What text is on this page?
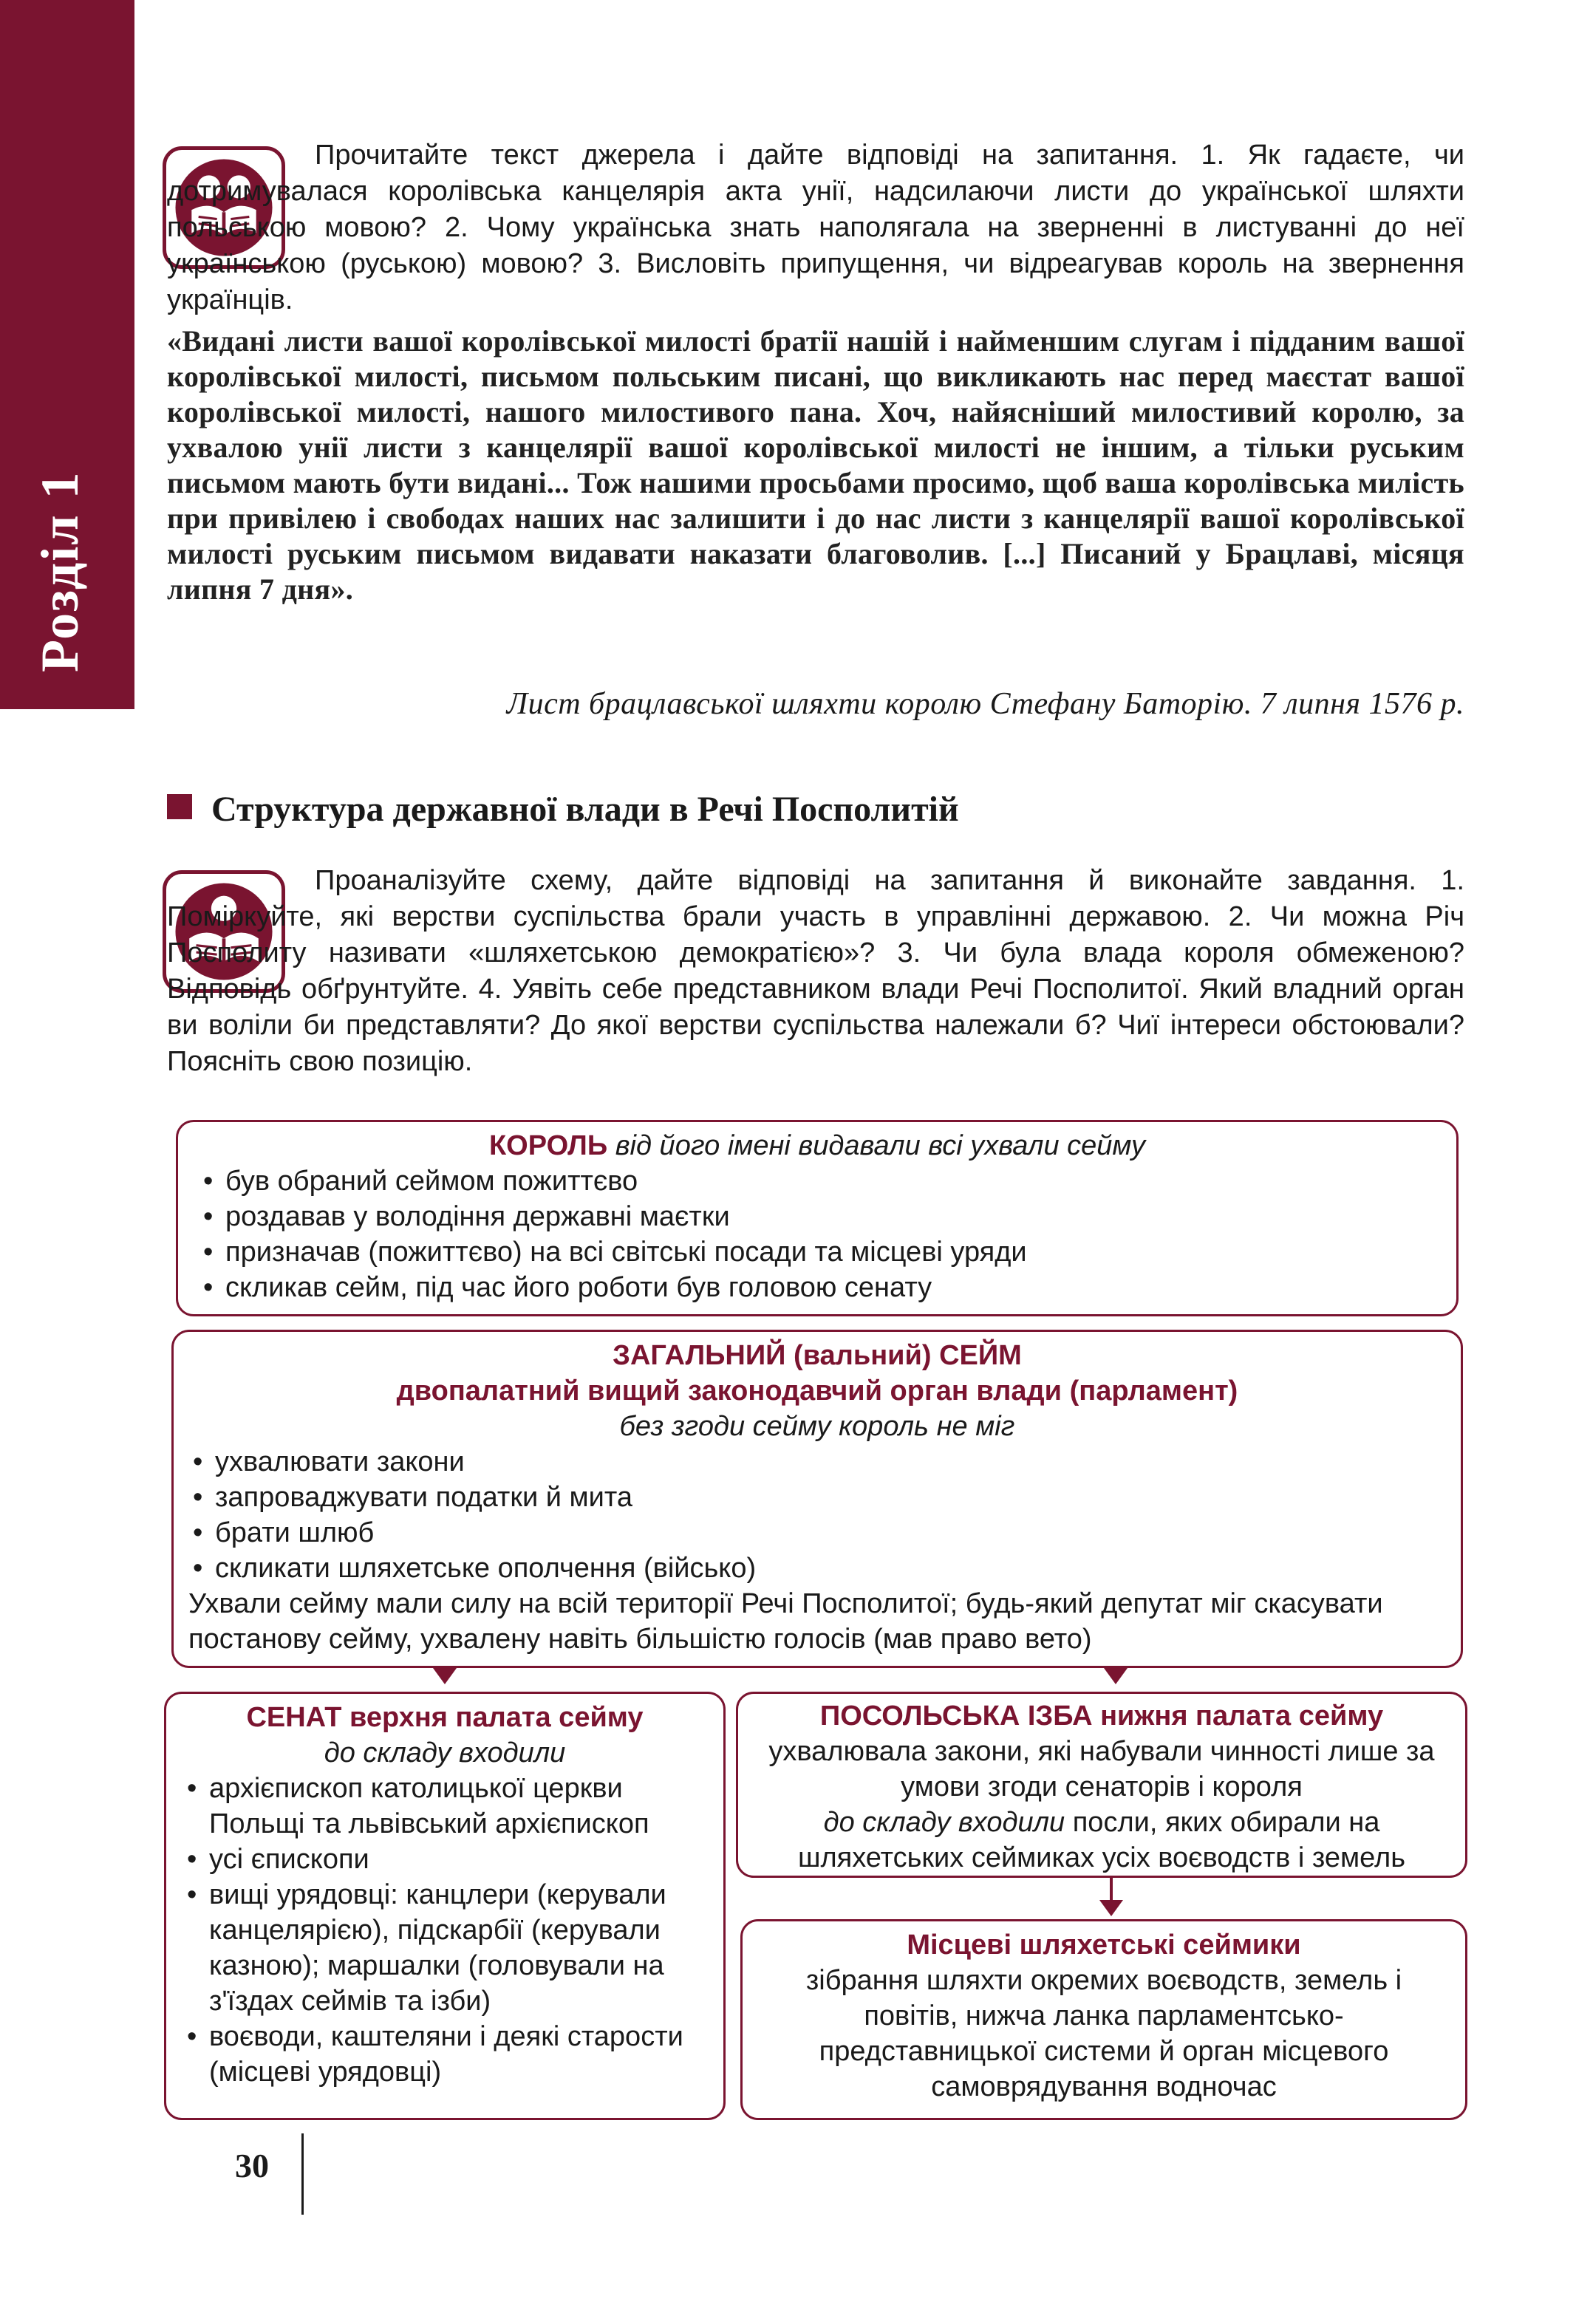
Розділ 1

Прочитайте текст джерела і дайте відповіді на запитання. 1. Як гадаєте, чи дотримувалася королівська канцелярія акта унії, надсилаючи листи до української шляхти польською мовою? 2. Чому українська знать наполягала на зверненні в листуванні до неї українською (руською) мовою? 3. Висловіть припущення, чи відреагував король на звернення українців.

«Видані листи вашої королівської милості братії нашій і найменшим слугам і підданим вашої королівської милості, письмом польським писані, що викликають нас перед маєстат вашої королівської милості, нашого милостивого пана. Хоч, найясніший милостивий королю, за ухвалою унії листи з канцелярії вашої королівської милості не іншим, а тільки руським письмом мають бути видані... Тож нашими просьбами просимо, щоб ваша королівська милість при привілею і свободах наших нас залишити і до нас листи з канцелярії вашої королівської милості руським письмом видавати наказати благоволив. [...] Писаний у Брацлаві, місяця липня 7 дня».

Лист брацлавської шляхти королю Стефану Баторію. 7 липня 1576 р.

Структура державної влади в Речі Посполитій

Проаналізуйте схему, дайте відповіді на запитання й виконайте завдання. 1. Поміркуйте, які верстви суспільства брали участь в управлінні державою. 2. Чи можна Річ Посполиту називати «шляхетською демократією»? 3. Чи була влада короля обмеженою? Відповідь обґрунтуйте. 4. Уявіть себе представником влади Речі Посполитої. Який владний орган ви воліли би представляти? До якої верстви суспільства належали б? Чиї інтереси обстоювали? Поясніть свою позицію.

КОРОЛЬ від його імені видавали всі ухвали сейму
• був обраний сеймом пожиттєво
• роздавав у володіння державні маєтки
• призначав (пожиттєво) на всі світські посади та місцеві уряди
• скликав сейм, під час його роботи був головою сенату
ЗАГАЛЬНИЙ (вальний) СЕЙМ
двопалатний вищий законодавчий орган влади (парламент)
без згоди сейму король не міг
• ухвалювати закони
• запроваджувати податки й мита
• брати шлюб
• скликати шляхетське ополчення (військо)
Ухвали сейму мали силу на всій території Речі Посполитої; будь-який депутат міг скасувати постанову сейму, ухвалену навіть більшістю голосів (мав право вето)
СЕНАТ верхня палата сейму
до складу входили
• архієпископ католицької церкви Польщі та львівський архієпископ
• усі єпископи
• вищі урядовці: канцлери (керували канцелярією), підскарбії (керували казною); маршалки (головували на з'їздах сеймів та ізби)
• воєводи, каштеляни і деякі старости (місцеві урядовці)
ПОСОЛЬСЬКА ІЗБА нижня палата сейму
ухвалювала закони, які набували чинності лише за умови згоди сенаторів і короля
до складу входили посли, яких обирали на шляхетських сеймиках усіх воєводств і земель
Місцеві шляхетські сеймики
зібрання шляхти окремих воєводств, земель і повітів, нижча ланка парламентсько-представницької системи й орган місцевого самоврядування водночас
30
